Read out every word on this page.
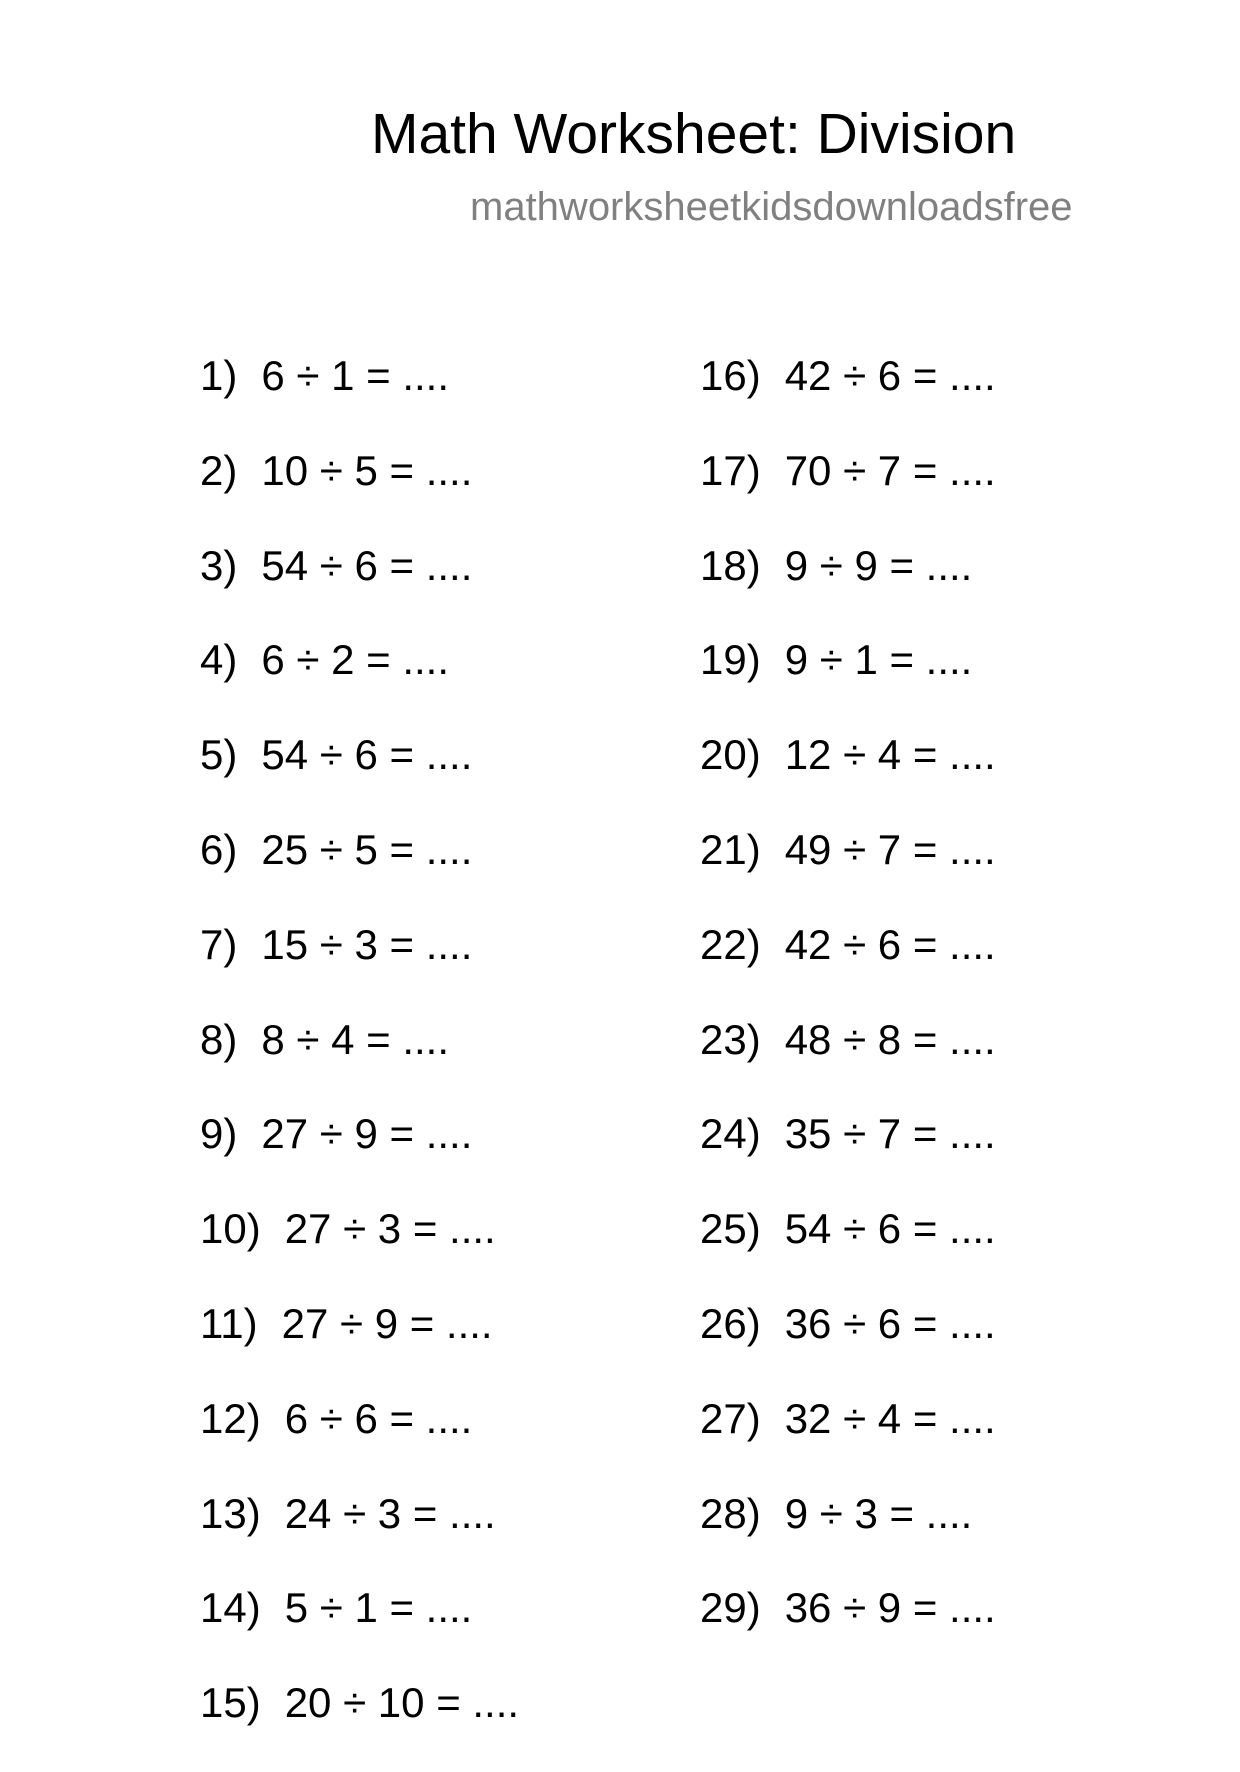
Math Worksheet: Division
mathworksheetkidsdownloadsfree
1) 6 ÷ 1 = ....
2) 10 ÷ 5 = ....
3) 54 ÷ 6 = ....
4) 6 ÷ 2 = ....
5) 54 ÷ 6 = ....
6) 25 ÷ 5 = ....
7) 15 ÷ 3 = ....
8) 8 ÷ 4 = ....
9) 27 ÷ 9 = ....
10) 27 ÷ 3 = ....
11) 27 ÷ 9 = ....
12) 6 ÷ 6 = ....
13) 24 ÷ 3 = ....
14) 5 ÷ 1 = ....
15) 20 ÷ 10 = ....
16) 42 ÷ 6 = ....
17) 70 ÷ 7 = ....
18) 9 ÷ 9 = ....
19) 9 ÷ 1 = ....
20) 12 ÷ 4 = ....
21) 49 ÷ 7 = ....
22) 42 ÷ 6 = ....
23) 48 ÷ 8 = ....
24) 35 ÷ 7 = ....
25) 54 ÷ 6 = ....
26) 36 ÷ 6 = ....
27) 32 ÷ 4 = ....
28) 9 ÷ 3 = ....
29) 36 ÷ 9 = ....
